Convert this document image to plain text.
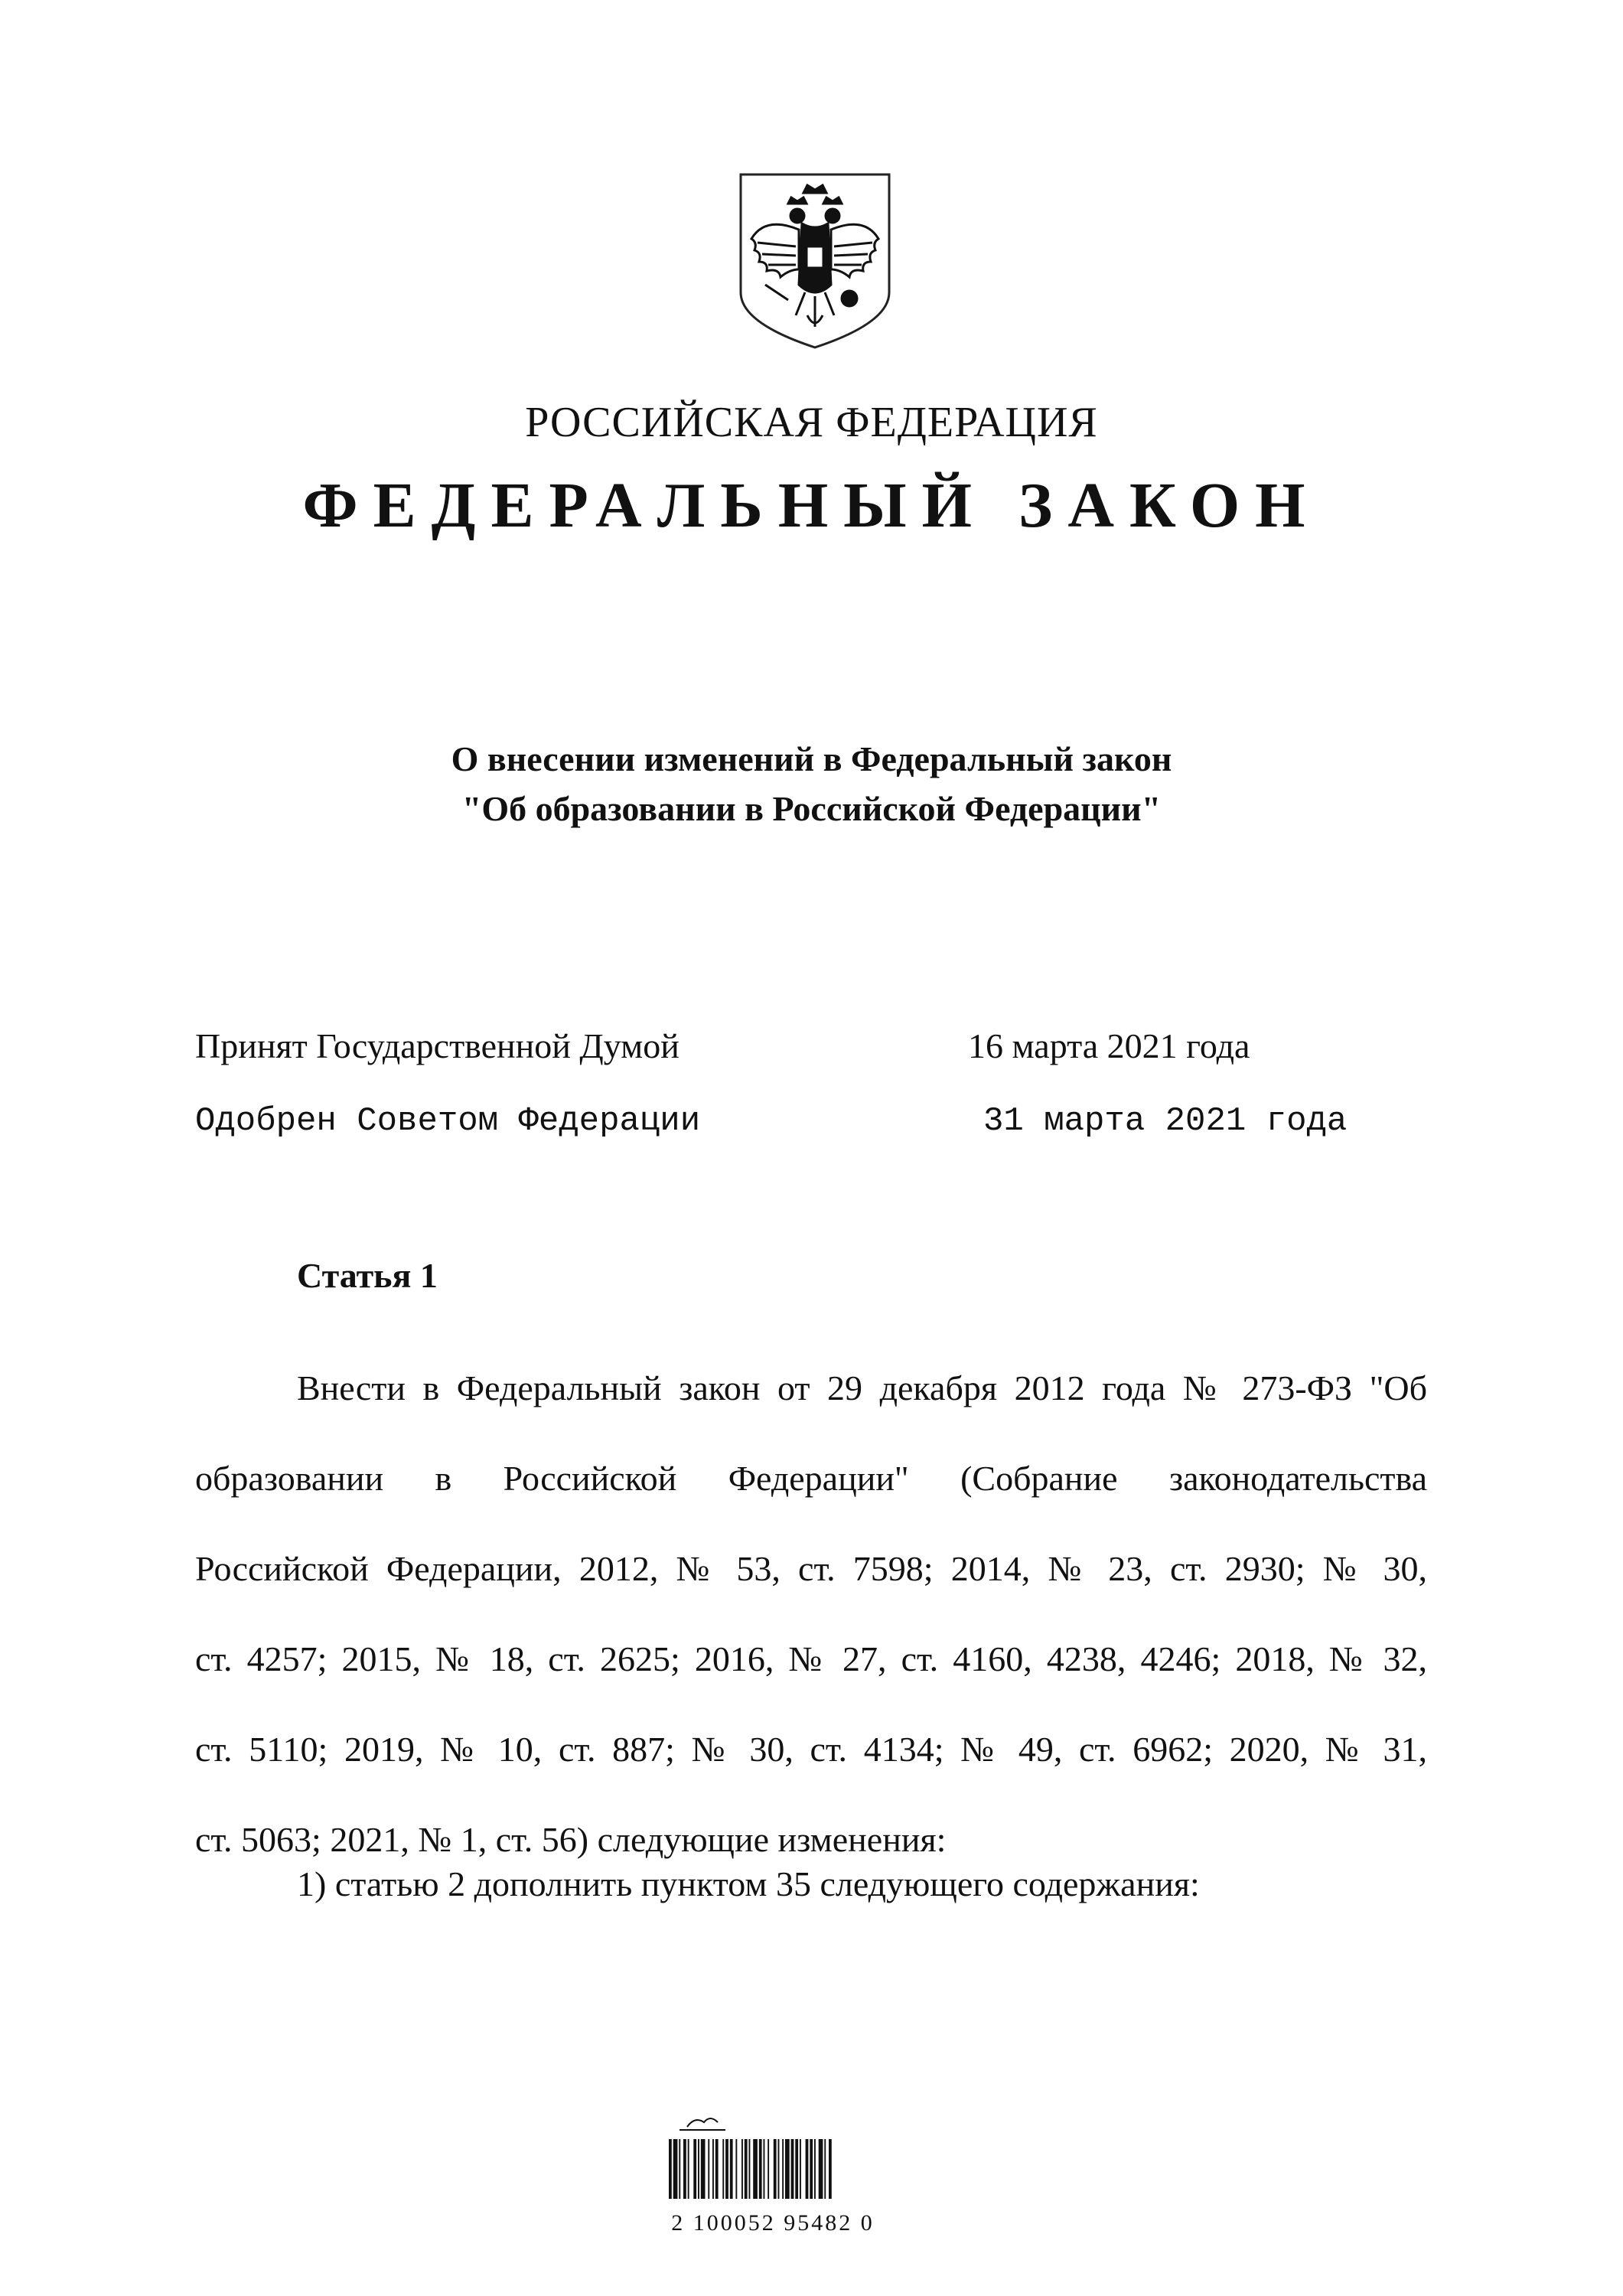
РОССИЙСКАЯ ФЕДЕРАЦИЯ
ФЕДЕРАЛЬНЫЙ ЗАКОН
О внесении изменений в Федеральный закон
"Об образовании в Российской Федерации"
Принят Государственной Думой	16 марта 2021 года
Одобрен Советом Федерации	31 марта 2021 года
Статья 1
Внести в Федеральный закон от 29 декабря 2012 года № 273-ФЗ "Об
образовании в Российской Федерации" (Собрание законодательства
Российской Федерации, 2012, № 53, ст. 7598; 2014, № 23, ст. 2930; № 30,
ст. 4257; 2015, № 18, ст. 2625; 2016, № 27, ст. 4160, 4238, 4246; 2018, № 32,
ст. 5110; 2019, № 10, ст. 887; № 30, ст. 4134; № 49, ст. 6962; 2020, № 31,
ст. 5063; 2021, № 1, ст. 56) следующие изменения:
1) статью 2 дополнить пунктом 35 следующего содержания:
2 100052 95482 0
